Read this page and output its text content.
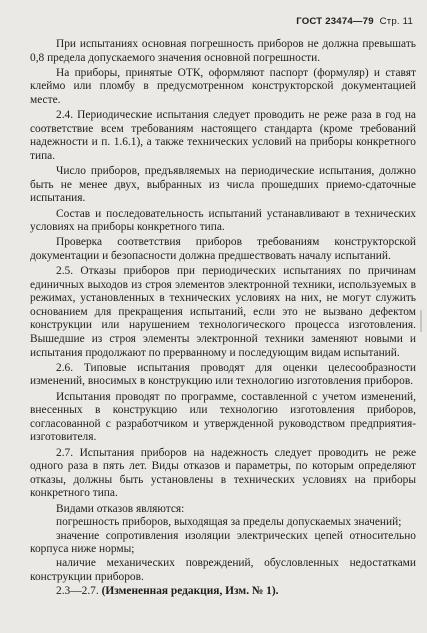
ГОСТ 23474—79 Стр. 11

При испытаниях основная погрешность приборов не должна превышать 0,8 предела допускаемого значения основной погрешности.

На приборы, принятые ОТК, оформляют паспорт (формуляр) и ставят клеймо или пломбу в предусмотренном конструкторской документацией месте.

2.4. Периодические испытания следует проводить не реже раза в год на соответствие всем требованиям настоящего стандарта (кроме требований надежности и п. 1.6.1), а также технических условий на приборы конкретного типа.

Число приборов, предъявляемых на периодические испытания, должно быть не менее двух, выбранных из числа прошедших приемо-сдаточные испытания.

Состав и последовательность испытаний устанавливают в технических условиях на приборы конкретного типа.

Проверка соответствия приборов требованиям конструкторской документации и безопасности должна предшествовать началу испытаний.

2.5. Отказы приборов при периодических испытаниях по причинам единичных выходов из строя элементов электронной техники, используемых в режимах, установленных в технических условиях на них, не могут служить основанием для прекращения испытаний, если это не вызвано дефектом конструкции или нарушением технологического процесса изготовления. Вышедшие из строя элементы электронной техники заменяют новыми и испытания продолжают по прерванному и последующим видам испытаний.

2.6. Типовые испытания проводят для оценки целесообразности изменений, вносимых в конструкцию или технологию изготовления приборов.

Испытания проводят по программе, составленной с учетом изменений, внесенных в конструкцию или технологию изготовления приборов, согласованной с разработчиком и утвержденной руководством предприятия-изготовителя.

2.7. Испытания приборов на надежность следует проводить не реже одного раза в пять лет. Виды отказов и параметры, по которым определяют отказы, должны быть установлены в технических условиях на приборы конкретного типа.

Видами отказов являются:

погрешность приборов, выходящая за пределы допускаемых значений;

значение сопротивления изоляции электрических цепей относительно корпуса ниже нормы;

наличие механических повреждений, обусловленных недостатками конструкции приборов.

2.3—2.7. (Измененная редакция, Изм. № 1).
